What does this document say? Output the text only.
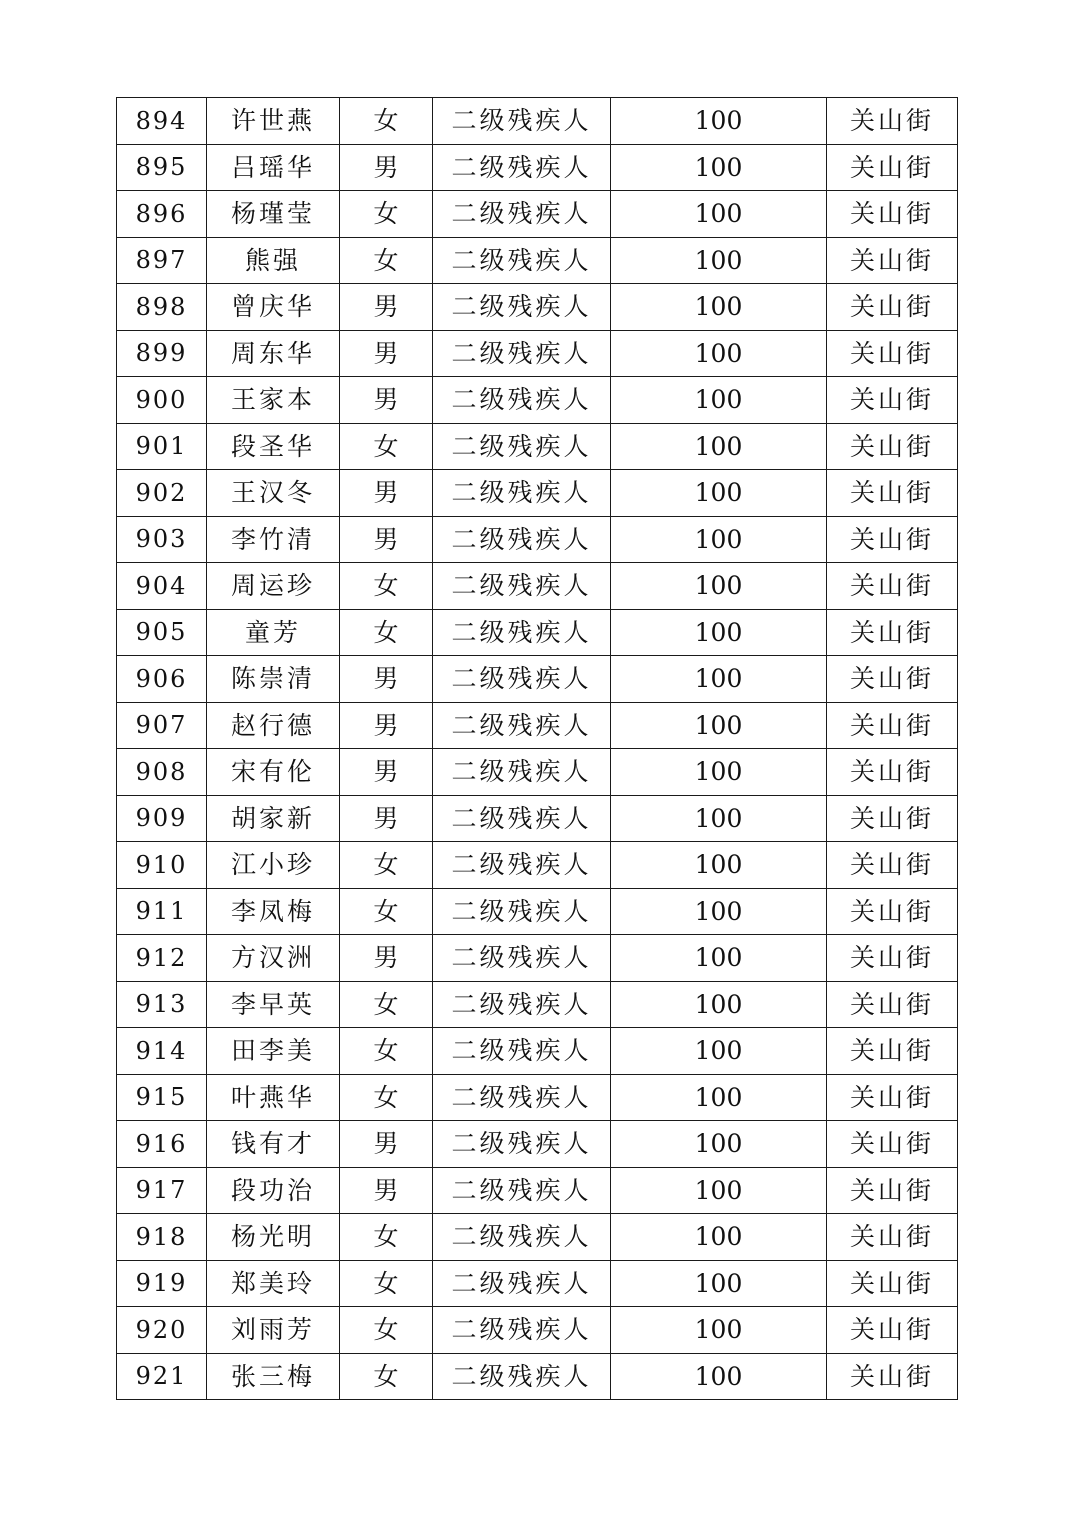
894	许世燕	女	二级残疾人	100	关山街
895	吕瑶华	男	二级残疾人	100	关山街
896	杨瑾莹	女	二级残疾人	100	关山街
897	熊强	女	二级残疾人	100	关山街
898	曾庆华	男	二级残疾人	100	关山街
899	周东华	男	二级残疾人	100	关山街
900	王家本	男	二级残疾人	100	关山街
901	段圣华	女	二级残疾人	100	关山街
902	王汉冬	男	二级残疾人	100	关山街
903	李竹清	男	二级残疾人	100	关山街
904	周运珍	女	二级残疾人	100	关山街
905	童芳	女	二级残疾人	100	关山街
906	陈崇清	男	二级残疾人	100	关山街
907	赵行德	男	二级残疾人	100	关山街
908	宋有伦	男	二级残疾人	100	关山街
909	胡家新	男	二级残疾人	100	关山街
910	江小珍	女	二级残疾人	100	关山街
911	李凤梅	女	二级残疾人	100	关山街
912	方汉洲	男	二级残疾人	100	关山街
913	李早英	女	二级残疾人	100	关山街
914	田李美	女	二级残疾人	100	关山街
915	叶燕华	女	二级残疾人	100	关山街
916	钱有才	男	二级残疾人	100	关山街
917	段功治	男	二级残疾人	100	关山街
918	杨光明	女	二级残疾人	100	关山街
919	郑美玲	女	二级残疾人	100	关山街
920	刘雨芳	女	二级残疾人	100	关山街
921	张三梅	女	二级残疾人	100	关山街
